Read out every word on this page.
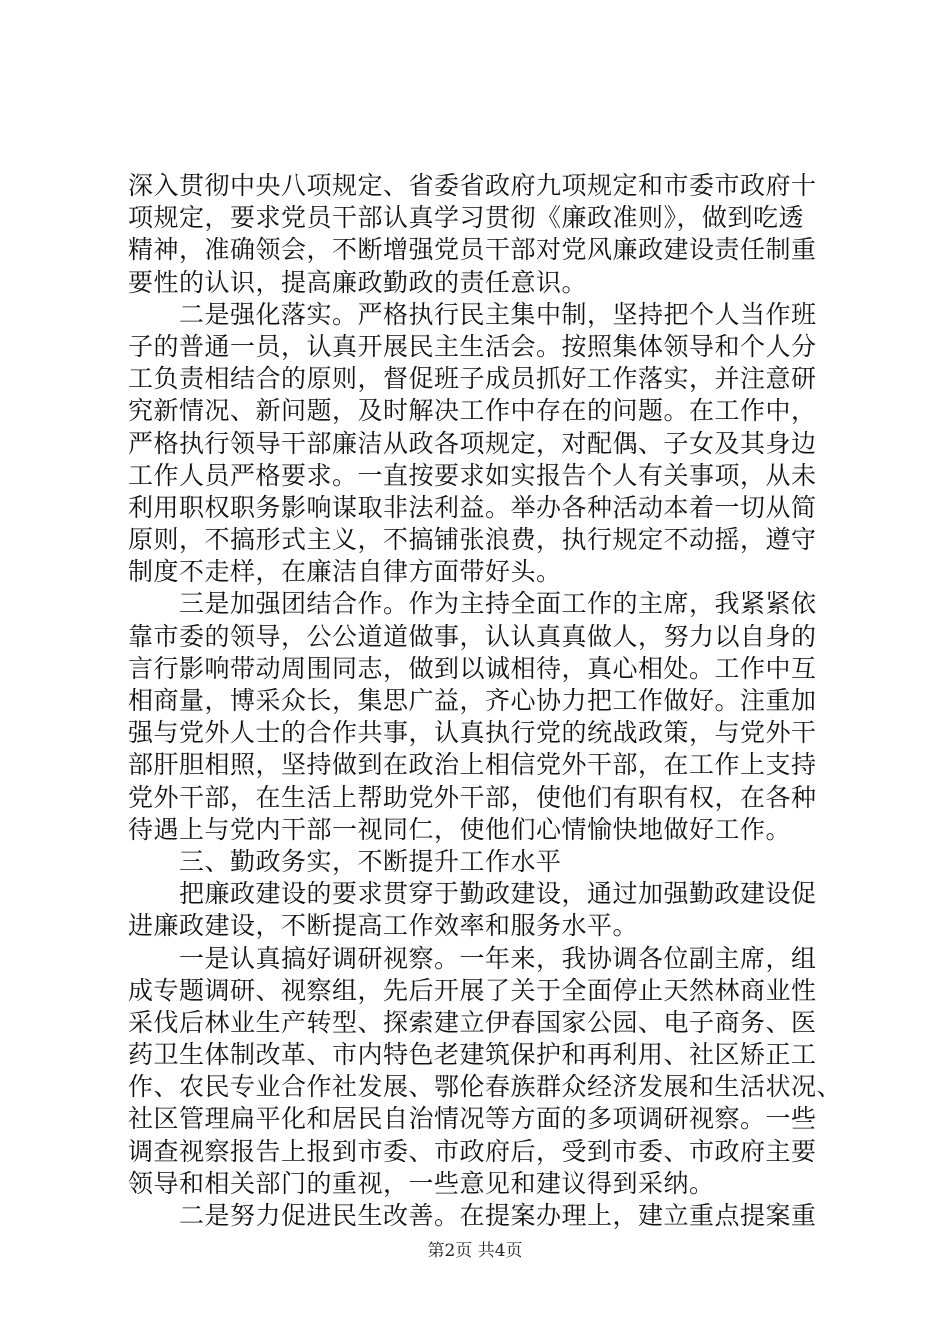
深入贯彻中央八项规定、省委省政府九项规定和市委市政府十
项规定，要求党员干部认真学习贯彻《廉政准则》，做到吃透
精神，准确领会，不断增强党员干部对党风廉政建设责任制重
要性的认识，提高廉政勤政的责任意识。
二是强化落实。严格执行民主集中制，坚持把个人当作班
子的普通一员，认真开展民主生活会。按照集体领导和个人分
工负责相结合的原则，督促班子成员抓好工作落实，并注意研
究新情况、新问题，及时解决工作中存在的问题。在工作中，
严格执行领导干部廉洁从政各项规定，对配偶、子女及其身边
工作人员严格要求。一直按要求如实报告个人有关事项，从未
利用职权职务影响谋取非法利益。举办各种活动本着一切从简
原则，不搞形式主义，不搞铺张浪费，执行规定不动摇，遵守
制度不走样，在廉洁自律方面带好头。
三是加强团结合作。作为主持全面工作的主席，我紧紧依
靠市委的领导，公公道道做事，认认真真做人，努力以自身的
言行影响带动周围同志，做到以诚相待，真心相处。工作中互
相商量，博采众长，集思广益，齐心协力把工作做好。注重加
强与党外人士的合作共事，认真执行党的统战政策，与党外干
部肝胆相照，坚持做到在政治上相信党外干部，在工作上支持
党外干部，在生活上帮助党外干部，使他们有职有权，在各种
待遇上与党内干部一视同仁，使他们心情愉快地做好工作。
三、勤政务实，不断提升工作水平
把廉政建设的要求贯穿于勤政建设，通过加强勤政建设促
进廉政建设，不断提高工作效率和服务水平。
一是认真搞好调研视察。一年来，我协调各位副主席，组
成专题调研、视察组，先后开展了关于全面停止天然林商业性
采伐后林业生产转型、探索建立伊春国家公园、电子商务、医
药卫生体制改革、市内特色老建筑保护和再利用、社区矫正工
作、农民专业合作社发展、鄂伦春族群众经济发展和生活状况、
社区管理扁平化和居民自治情况等方面的多项调研视察。一些
调查视察报告上报到市委、市政府后，受到市委、市政府主要
领导和相关部门的重视，一些意见和建议得到采纳。
二是努力促进民生改善。在提案办理上，建立重点提案重
第2页 共4页
